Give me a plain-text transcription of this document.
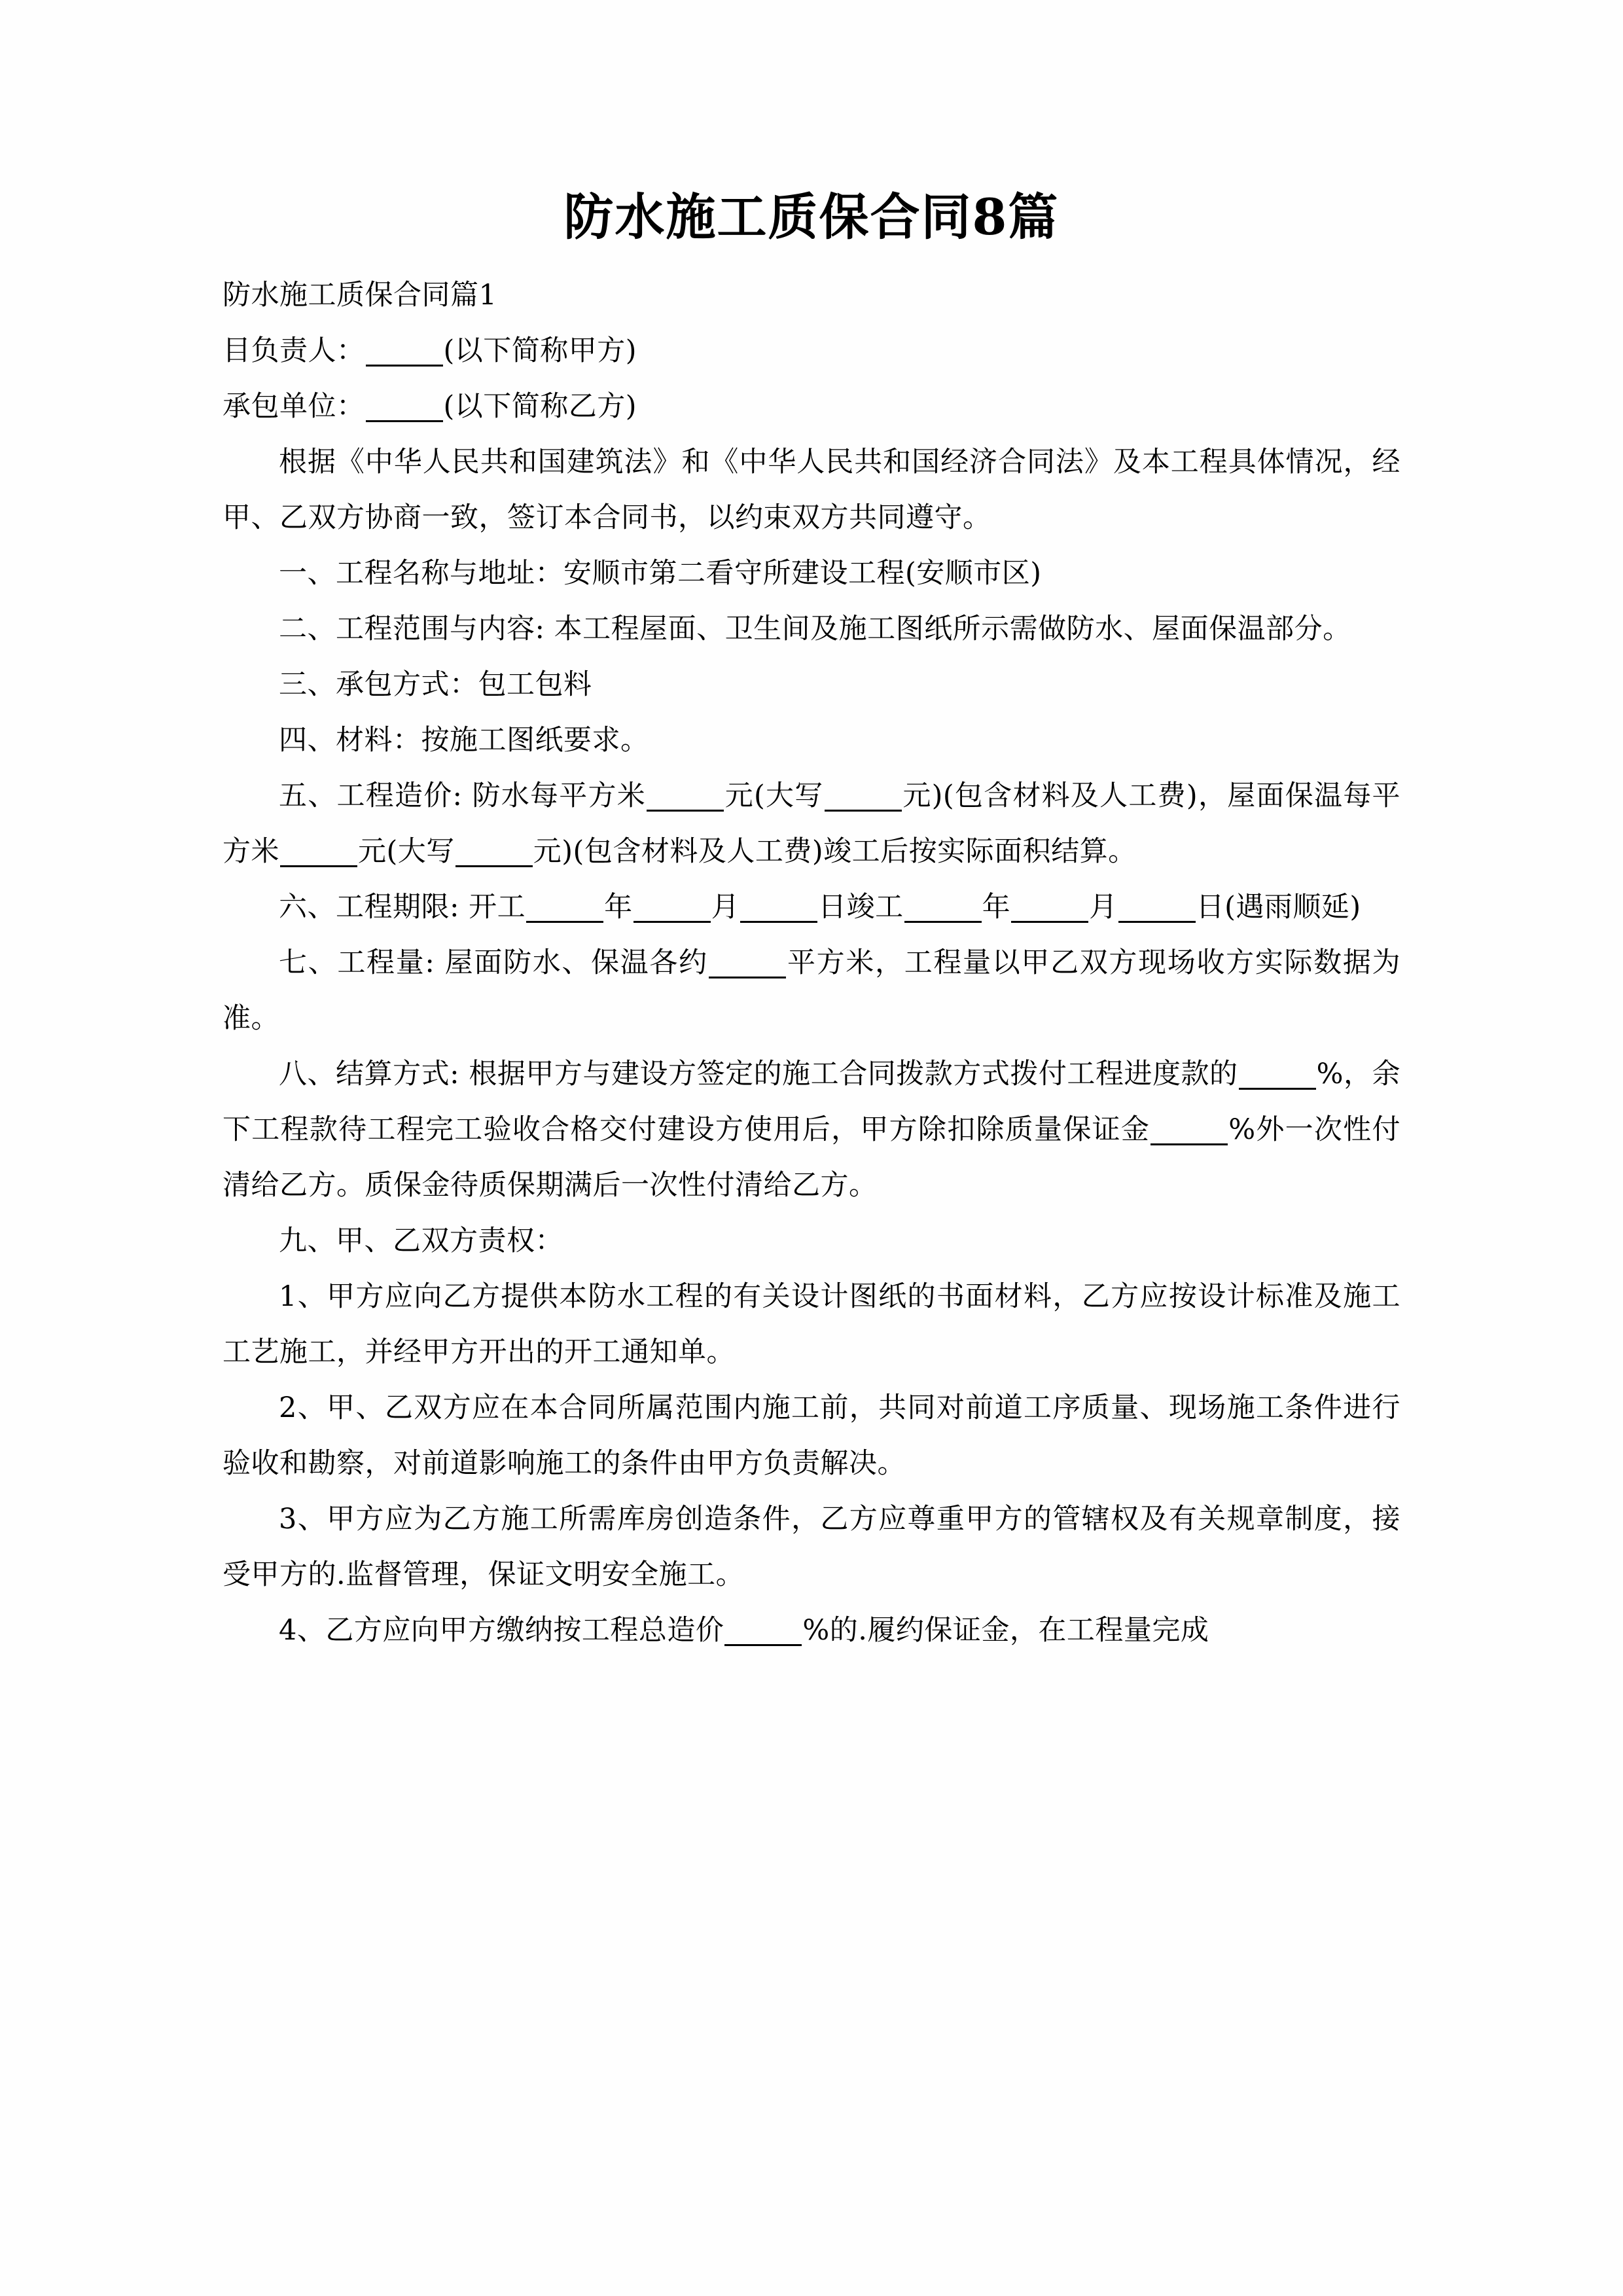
防水施工质保合同8篇

防水施工质保合同篇1

目负责人：	(以下简称甲方)

承包单位：	(以下简称乙方)

根据《中华人民共和国建筑法》和《中华人民共和国经济合同法》及本工程具体情况，经甲、乙双方协商一致，签订本合同书，以约束双方共同遵守。

一、工程名称与地址：安顺市第二看守所建设工程(安顺市区)

二、工程范围与内容: 本工程屋面、卫生间及施工图纸所示需做防水、屋面保温部分。

三、承包方式：包工包料

四、材料：按施工图纸要求。

五、工程造价: 防水每平方米	元(大写	元)(包含材料及人工费)，屋面保温每平方米	元(大写	元)(包含材料及人工费)竣工后按实际面积结算。

六、工程期限: 开工	年	月	日竣工	年	月	日(遇雨顺延)

七、工程量: 屋面防水、保温各约	平方米，工程量以甲乙双方现场收方实际数据为准。

八、结算方式: 根据甲方与建设方签定的施工合同拨款方式拨付工程进度款的	%，余下工程款待工程完工验收合格交付建设方使用后，甲方除扣除质量保证金	%外一次性付清给乙方。质保金待质保期满后一次性付清给乙方。

九、甲、乙双方责权：

1、甲方应向乙方提供本防水工程的有关设计图纸的书面材料，乙方应按设计标准及施工工艺施工，并经甲方开出的开工通知单。

2、甲、乙双方应在本合同所属范围内施工前，共同对前道工序质量、现场施工条件进行验收和勘察，对前道影响施工的条件由甲方负责解决。

3、甲方应为乙方施工所需库房创造条件，乙方应尊重甲方的管辖权及有关规章制度，接受甲方的.监督管理，保证文明安全施工。

4、乙方应向甲方缴纳按工程总造价	%的.履约保证金，在工程量完成
